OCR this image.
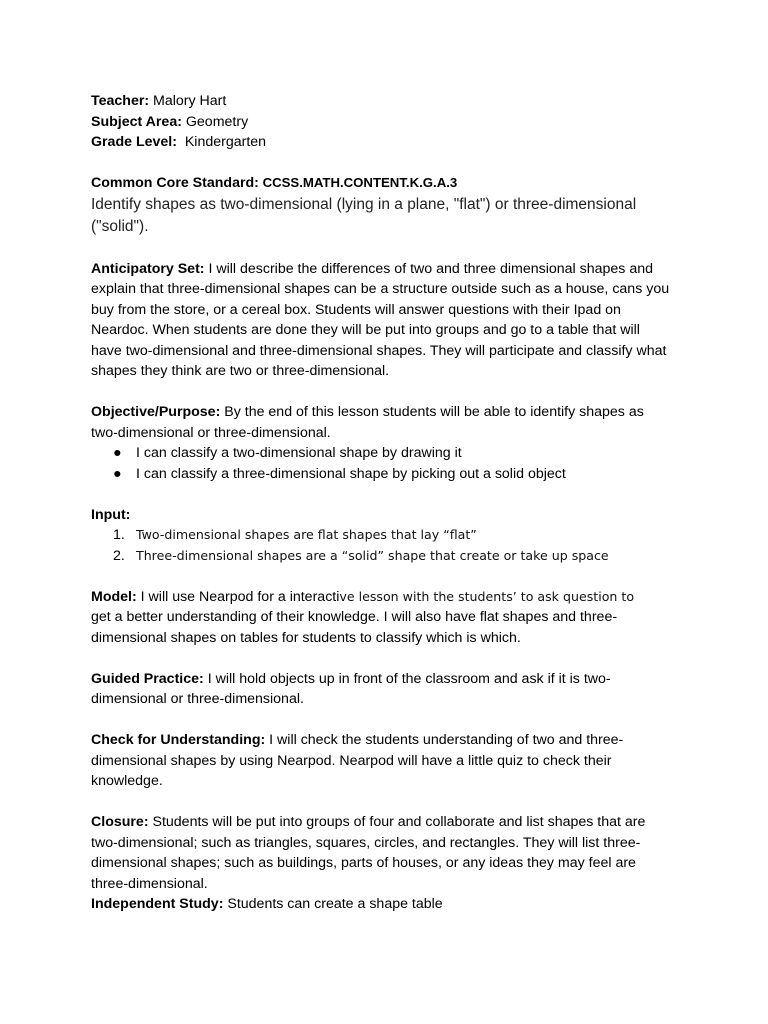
Teacher: Malory Hart

Subject Area: Geometry

Grade Level:  Kindergarten

Common Core Standard: CCSS.MATH.CONTENT.K.G.A.3

Identify shapes as two-dimensional (lying in a plane, "flat") or three-dimensional ("solid").

Anticipatory Set: I will describe the differences of two and three dimensional shapes and explain that three-dimensional shapes can be a structure outside such as a house, cans you buy from the store, or a cereal box. Students will answer questions with their Ipad on Neardoc. When students are done they will be put into groups and go to a table that will have two-dimensional and three-dimensional shapes. They will participate and classify what shapes they think are two or three-dimensional.

Objective/Purpose: By the end of this lesson students will be able to identify shapes as two-dimensional or three-dimensional.

● I can classify a two-dimensional shape by drawing it
● I can classify a three-dimensional shape by picking out a solid object

Input:

1. Two-dimensional shapes are flat shapes that lay “flat”
2. Three-dimensional shapes are a “solid” shape that create or take up space

Model: I will use Nearpod for a interactive lesson with the students’ to ask question to
get a better understanding of their knowledge. I will also have flat shapes and three-dimensional shapes on tables for students to classify which is which.

Guided Practice: I will hold objects up in front of the classroom and ask if it is two-dimensional or three-dimensional.

Check for Understanding: I will check the students understanding of two and three-dimensional shapes by using Nearpod. Nearpod will have a little quiz to check their knowledge.

Closure: Students will be put into groups of four and collaborate and list shapes that are two-dimensional; such as triangles, squares, circles, and rectangles. They will list three-dimensional shapes; such as buildings, parts of houses, or any ideas they may feel are three-dimensional.

Independent Study: Students can create a shape table
